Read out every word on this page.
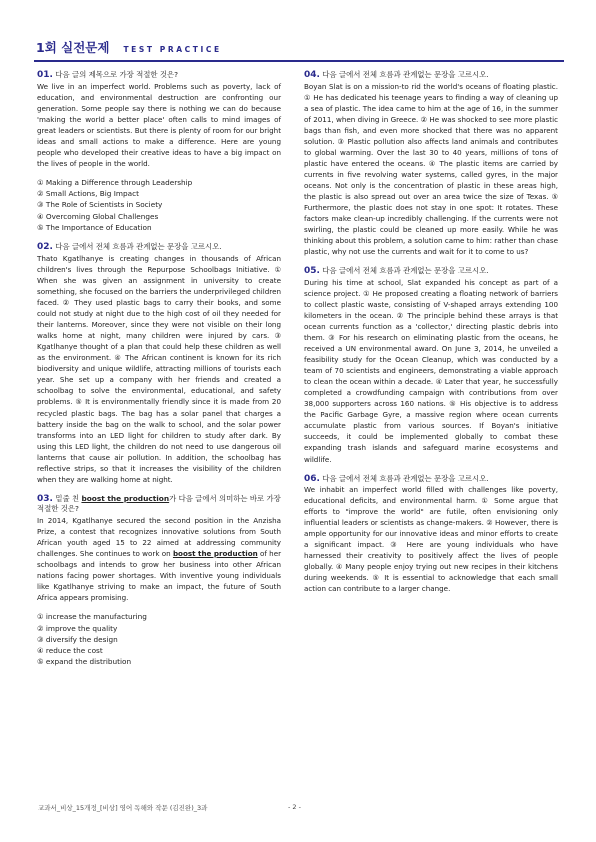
1회 실전문제 TEST PRACTICE
01. 다음 글의 제목으로 가장 적절한 것은?
We live in an imperfect world. Problems such as poverty, lack of education, and environmental destruction are confronting our generation. Some people say there is nothing we can do because 'making the world a better place' often calls to mind images of great leaders or scientists. But there is plenty of room for our bright ideas and small actions to make a difference. Here are young people who developed their creative ideas to have a big impact on the lives of people in the world.
① Making a Difference through Leadership
② Small Actions, Big Impact
③ The Role of Scientists in Society
④ Overcoming Global Challenges
⑤ The Importance of Education
02. 다음 글에서 전체 흐름과 관계없는 문장을 고르시오.
Thato Kgatlhanye is creating changes in thousands of African children's lives through the Repurpose Schoolbags Initiative. ① When she was given an assignment in university to create something, she focused on the barriers the underprivileged children faced. ② They used plastic bags to carry their books, and some could not study at night due to the high cost of oil they needed for their lanterns. Moreover, since they were not visible on their long walks home at night, many children were injured by cars. ③ Kgatlhanye thought of a plan that could help these children as well as the environment. ④ The African continent is known for its rich biodiversity and unique wildlife, attracting millions of tourists each year. She set up a company with her friends and created a schoolbag to solve the environmental, educational, and safety problems. ⑤ It is environmentally friendly since it is made from 20 recycled plastic bags. The bag has a solar panel that charges a battery inside the bag on the walk to school, and the solar power transforms into an LED light for children to study after dark. By using this LED light, the children do not need to use dangerous oil lanterns that cause air pollution. In addition, the schoolbag has reflective strips, so that it increases the visibility of the children when they are walking home at night.
03. 밑줄 친 boost the production가 다음 글에서 의미하는 바로 가장 적절한 것은?
In 2014, Kgatlhanye secured the second position in the Anzisha Prize, a contest that recognizes innovative solutions from South African youth aged 15 to 22 aimed at addressing community challenges. She continues to work on boost the production of her schoolbags and intends to grow her business into other African nations facing power shortages. With inventive young individuals like Kgatlhanye striving to make an impact, the future of South Africa appears promising.
① increase the manufacturing
② improve the quality
③ diversify the design
④ reduce the cost
⑤ expand the distribution
04. 다음 글에서 전체 흐름과 관계없는 문장을 고르시오.
Boyan Slat is on a mission-to rid the world's oceans of floating plastic. ① He has dedicated his teenage years to finding a way of cleaning up a sea of plastic. The idea came to him at the age of 16, in the summer of 2011, when diving in Greece. ② He was shocked to see more plastic bags than fish, and even more shocked that there was no apparent solution. ③ Plastic pollution also affects land animals and contributes to global warming. Over the last 30 to 40 years, millions of tons of plastic have entered the oceans. ④ The plastic items are carried by currents in five revolving water systems, called gyres, in the major oceans. Not only is the concentration of plastic in these areas high, the plastic is also spread out over an area twice the size of Texas. ⑤ Furthermore, the plastic does not stay in one spot: It rotates. These factors make clean-up incredibly challenging. If the currents were not swirling, the plastic could be cleaned up more easily. While he was thinking about this problem, a solution came to him: rather than chase plastic, why not use the currents and wait for it to come to us?
05. 다음 글에서 전체 흐름과 관계없는 문장을 고르시오.
During his time at school, Slat expanded his concept as part of a science project. ① He proposed creating a floating network of barriers to collect plastic waste, consisting of V-shaped arrays extending 100 kilometers in the ocean. ② The principle behind these arrays is that ocean currents function as a 'collector,' directing plastic debris into them. ③ For his research on eliminating plastic from the oceans, he received a UN environmental award. On June 3, 2014, he unveiled a feasibility study for the Ocean Cleanup, which was conducted by a team of 70 scientists and engineers, demonstrating a viable approach to clean the ocean within a decade. ④ Later that year, he successfully completed a crowdfunding campaign with contributions from over 38,000 supporters across 160 nations. ⑤ His objective is to address the Pacific Garbage Gyre, a massive region where ocean currents accumulate plastic from various sources. If Boyan's initiative succeeds, it could be implemented globally to combat these expanding trash islands and safeguard marine ecosystems and wildlife.
06. 다음 글에서 전체 흐름과 관계없는 문장을 고르시오.
We inhabit an imperfect world filled with challenges like poverty, educational deficits, and environmental harm. ① Some argue that efforts to "improve the world" are futile, often envisioning only influential leaders or scientists as change-makers. ② However, there is ample opportunity for our innovative ideas and minor efforts to create a significant impact. ③ Here are young individuals who have harnessed their creativity to positively affect the lives of people globally. ④ Many people enjoy trying out new recipes in their kitchens during weekends. ⑤ It is essential to acknowledge that each small action can contribute to a larger change.
교과서_비상_15개정_[비상] 영어 독해와 작문 (김진완)_3과	- 2 -
